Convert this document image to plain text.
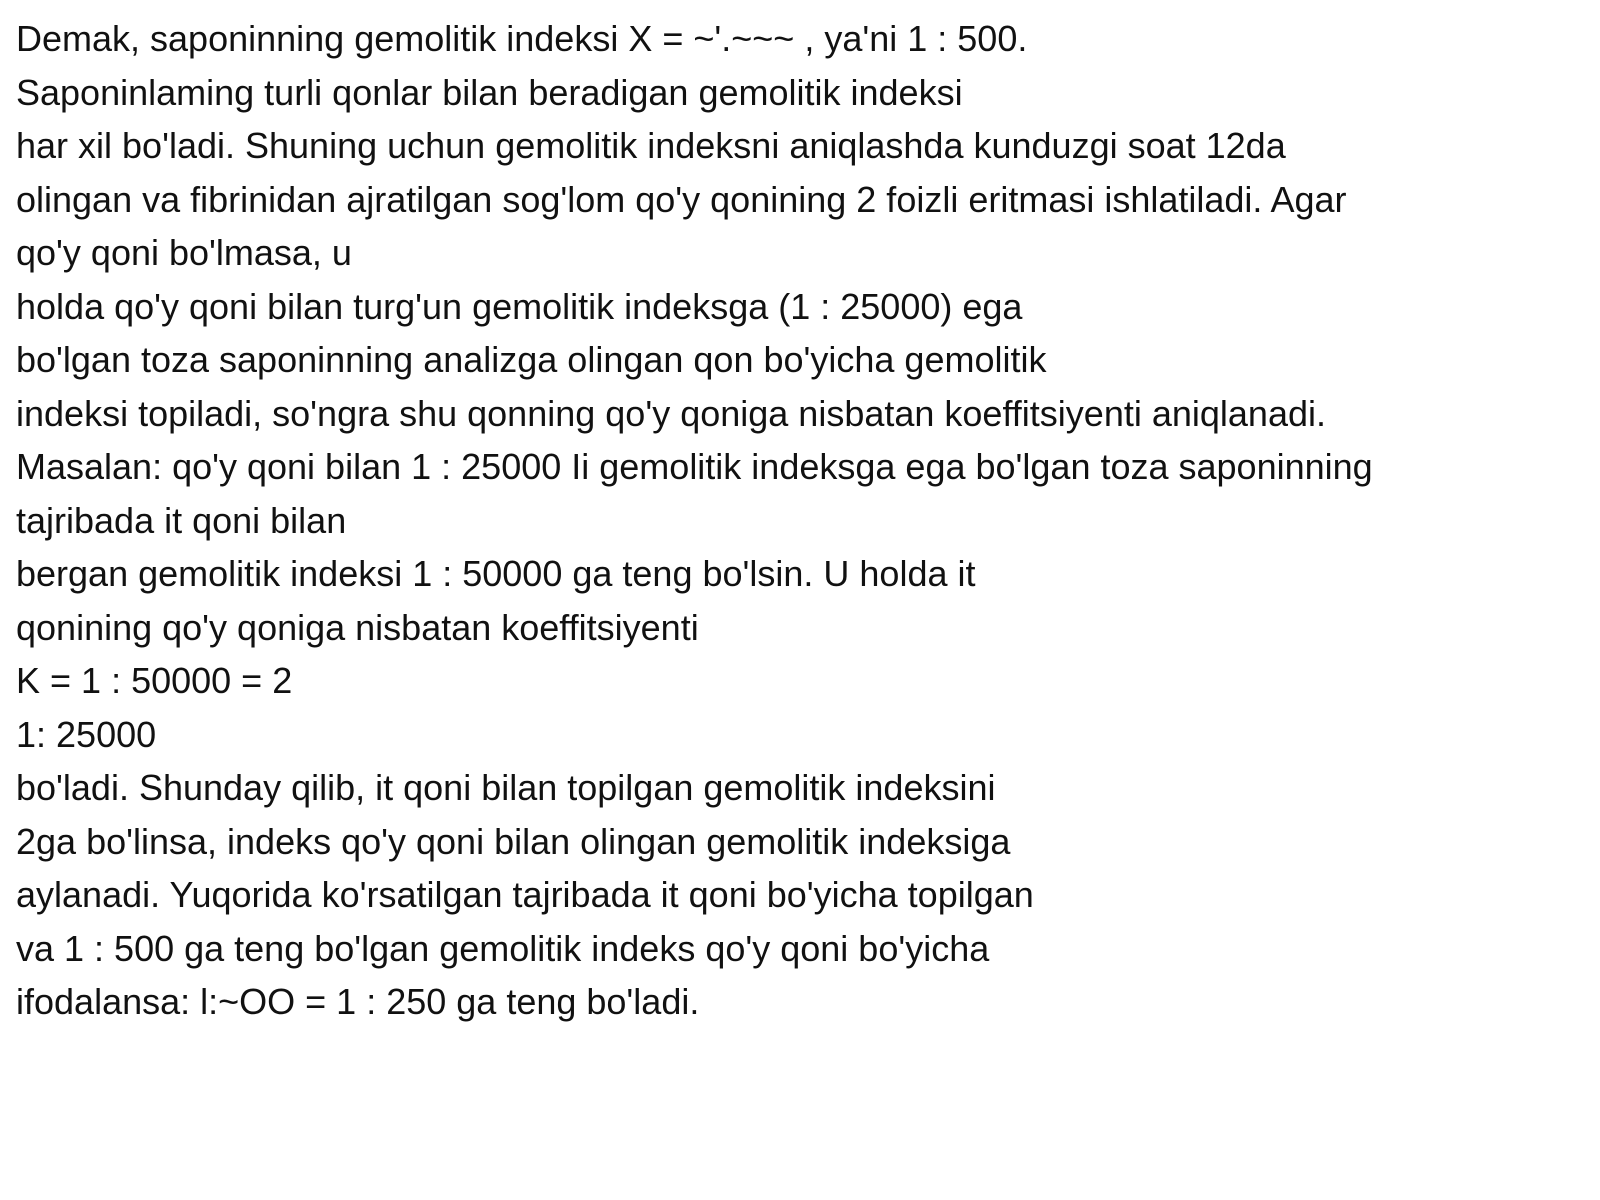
Demak, saponinning gemolitik indeksi X = ~'.~~~ , ya'ni 1 : 500.
Saponinlaming turli qonlar bilan beradigan gemolitik indeksi
har xil bo'ladi. Shuning uchun gemolitik indeksni aniqlashda kunduzgi soat 12da
olingan va fibrinidan ajratilgan sog'lom qo'y qonining 2 foizli eritmasi ishlatiladi. Agar
qo'y qoni bo'lmasa, u
holda qo'y qoni bilan turg'un gemolitik indeksga (1 : 25000) ega
bo'lgan toza saponinning analizga olingan qon bo'yicha gemolitik
indeksi topiladi, so'ngra shu qonning qo'y qoniga nisbatan koeffitsiyenti aniqlanadi.
Masalan: qo'y qoni bilan 1 : 25000 Ii gemolitik indeksga ega bo'lgan toza saponinning
tajribada it qoni bilan
bergan gemolitik indeksi 1 : 50000 ga teng bo'lsin. U holda it
qonining qo'y qoniga nisbatan koeffitsiyenti
K = 1 : 50000 = 2
1: 25000
bo'ladi. Shunday qilib, it qoni bilan topilgan gemolitik indeksini
2ga bo'linsa, indeks qo'y qoni bilan olingan gemolitik indeksiga
aylanadi. Yuqorida ko'rsatilgan tajribada it qoni bo'yicha topilgan
va 1 : 500 ga teng bo'lgan gemolitik indeks qo'y qoni bo'yicha
ifodalansa: l:~OO = 1 : 250 ga teng bo'ladi.
